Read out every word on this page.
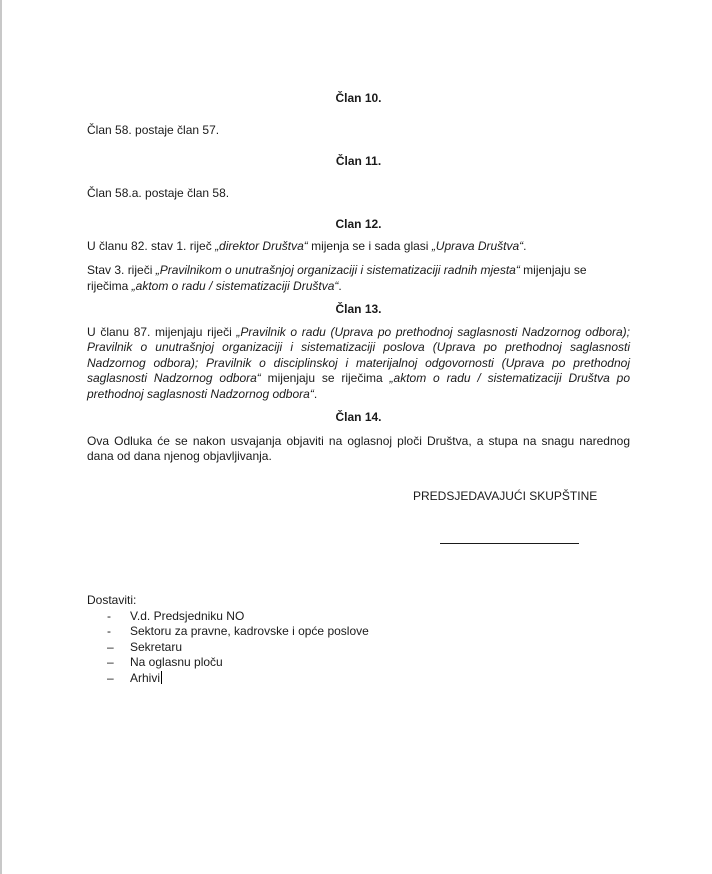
Član 10.

Član 58. postaje član 57.

Član 11.

Član 58.a. postaje član 58.

Clan 12.

U članu 82. stav 1. riječ „direktor Društva“ mijenja se i sada glasi „Uprava Društva“.

Stav 3. riječi „Pravilnikom o unutrašnjoj organizaciji i sistematizaciji radnih mjesta“ mijenjaju se riječima „aktom o radu / sistematizaciji Društva“.

Član 13.

U članu 87. mijenjaju riječi „Pravilnik o radu (Uprava po prethodnoj saglasnosti Nadzornog odbora); Pravilnik o unutrašnjoj organizaciji i sistematizaciji poslova (Uprava po prethodnoj saglasnosti Nadzornog odbora); Pravilnik o disciplinskoj i materijalnoj odgovornosti (Uprava po prethodnoj saglasnosti Nadzornog odbora“ mijenjaju se riječima „aktom o radu / sistematizaciji Društva po prethodnoj saglasnosti Nadzornog odbora“.

Član 14.

Ova Odluka će se nakon usvajanja objaviti na oglasnoj ploči Društva, a stupa na snagu narednog dana od dana njenog objavljivanja.

PREDSJEDAVAJUĆI SKUPŠTINE
Dostaviti:
- V.d. Predsjedniku NO
- Sektoru za pravne, kadrovske i opće poslove
– Sekretaru
– Na oglasnu ploču
– Arhivi
